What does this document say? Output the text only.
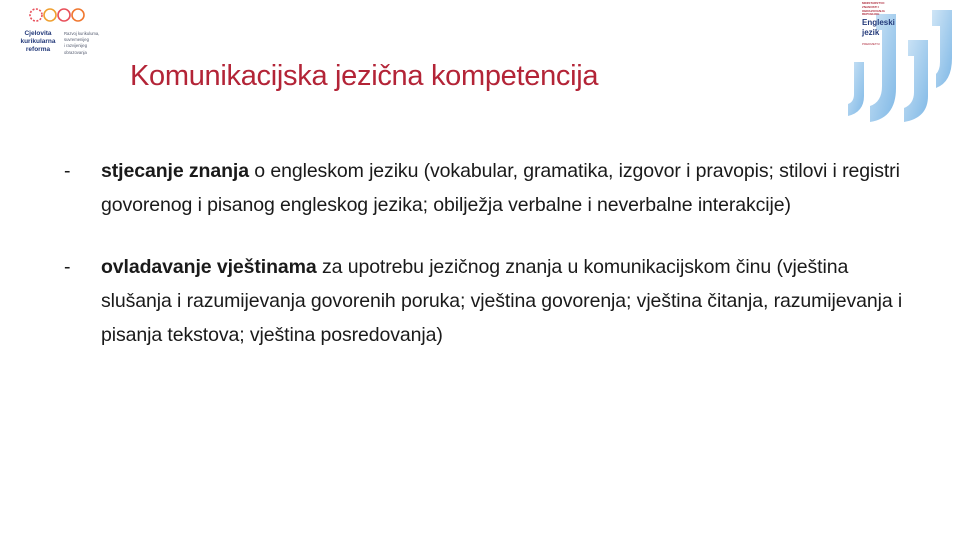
Cjelovita
kurikularna
reforma
Razvoj kurikuluma,
suvremenijeg
i razvijenijeg
obrazovanja
MINISTARSTVO
ZNANOSTI I
OBRAZOVANJA
REPUBLIKE
Engleski
jezik
PREDMETNI
Komunikacijska jezična kompetencija

- stjecanje znanja o engleskom jeziku (vokabular, gramatika, izgovor i pravopis; stilovi i registri govorenog i pisanog engleskog jezika; obilježja verbalne i neverbalne interakcije)

- ovladavanje vještinama za upotrebu jezičnog znanja u komunikacijskom činu (vještina slušanja i razumijevanja govorenih poruka; vještina govorenja; vještina čitanja, razumijevanja i pisanja tekstova; vještina posredovanja)
